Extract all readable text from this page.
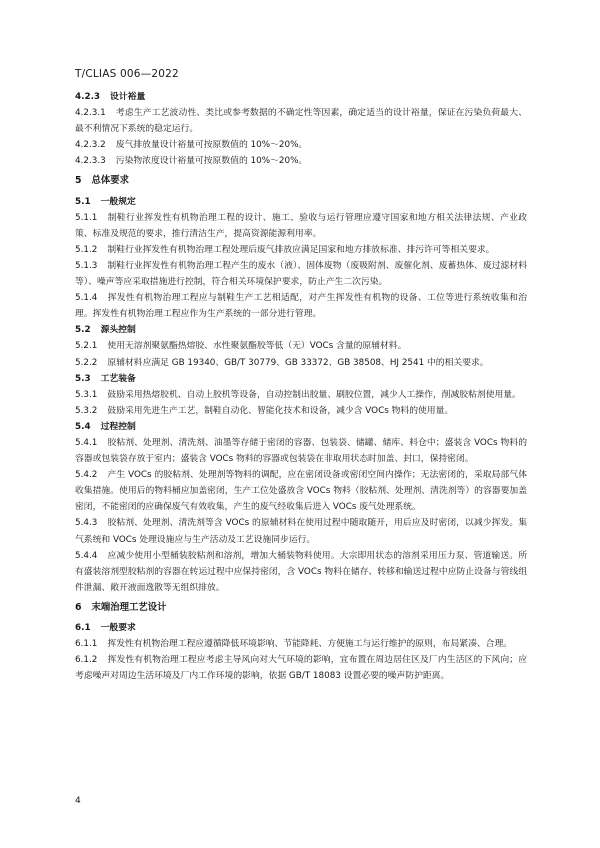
T/CLIAS 006—2022
4.2.3 设计裕量
4.2.3.1 考虑生产工艺波动性、类比或参考数据的不确定性等因素，确定适当的设计裕量，保证在污染负荷最大、最不利情况下系统的稳定运行。
4.2.3.2 废气排放量设计裕量可按原数值的 10%～20%。
4.2.3.3 污染物浓度设计裕量可按原数值的 10%～20%。
5 总体要求
5.1 一般规定
5.1.1 制鞋行业挥发性有机物治理工程的设计、施工、验收与运行管理应遵守国家和地方相关法律法规、产业政策、标准及规范的要求，推行清洁生产，提高资源能源利用率。
5.1.2 制鞋行业挥发性有机物治理工程处理后废气排放应满足国家和地方排放标准、排污许可等相关要求。
5.1.3 制鞋行业挥发性有机物治理工程产生的废水（液）、固体废物（废吸附剂、废催化剂、废蓄热体、废过滤材料等）、噪声等应采取措施进行控制，符合相关环境保护要求，防止产生二次污染。
5.1.4 挥发性有机物治理工程应与制鞋生产工艺相适配，对产生挥发性有机物的设备、工位等进行系统收集和治理。挥发性有机物治理工程应作为生产系统的一部分进行管理。
5.2 源头控制
5.2.1 使用无溶剂聚氨酯热熔胶、水性聚氨酯胶等低（无）VOCs 含量的原辅材料。
5.2.2 原辅材料应满足 GB 19340、GB/T 30779、GB 33372、GB 38508、HJ 2541 中的相关要求。
5.3 工艺装备
5.3.1 鼓励采用热熔胶机、自动上胶机等设备，自动控制出胶量、刷胶位置，减少人工操作，削减胶粘剂使用量。
5.3.2 鼓励采用先进生产工艺，制鞋自动化、智能化技术和设备，减少含 VOCs 物料的使用量。
5.4 过程控制
5.4.1 胶粘剂、处理剂、清洗剂、油墨等存储于密闭的容器、包装袋、储罐、储库、料仓中；盛装含 VOCs 物料的容器或包装袋存放于室内；盛装含 VOCs 物料的容器或包装袋在非取用状态时加盖、封口，保持密闭。
5.4.2 产生 VOCs 的胶粘剂、处理剂等物料的调配，应在密闭设备或密闭空间内操作；无法密闭的，采取局部气体收集措施。使用后的物料桶应加盖密闭，生产工位处盛放含 VOCs 物料（胶粘剂、处理剂、清洗剂等）的容器要加盖密闭，不能密闭的应确保废气有效收集，产生的废气经收集后进入 VOCs 废气处理系统。
5.4.3 胶粘剂、处理剂、清洗剂等含 VOCs 的原辅材料在使用过程中随取随开，用后应及时密闭，以减少挥发。集气系统和 VOCs 处理设施应与生产活动及工艺设施同步运行。
5.4.4 应减少使用小型桶装胶粘剂和溶剂，增加大桶装物料使用。大宗即用状态的溶剂采用压力泵、管道输送。所有盛装溶剂型胶粘剂的容器在转运过程中应保持密闭，含 VOCs 物料在储存、转移和输送过程中应防止设备与管线组件泄漏、敞开液面逸散等无组织排放。
6 末端治理工艺设计
6.1 一般要求
6.1.1 挥发性有机物治理工程应遵循降低环境影响、节能降耗、方便施工与运行维护的原则，布局紧凑、合理。
6.1.2 挥发性有机物治理工程应考虑主导风向对大气环境的影响，宜布置在周边居住区及厂内生活区的下风向；应考虑噪声对周边生活环境及厂内工作环境的影响，依据 GB/T 18083 设置必要的噪声防护距离。
4
